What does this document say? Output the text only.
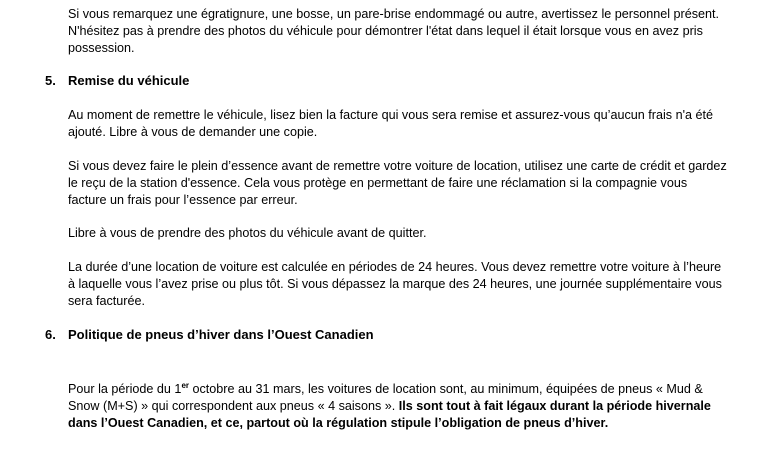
Si vous remarquez une égratignure, une bosse, un pare-brise endommagé ou autre, avertissez le personnel présent. N'hésitez pas à prendre des photos du véhicule pour démontrer l'état dans lequel il était lorsque vous en avez pris possession.

5. Remise du véhicule

Au moment de remettre le véhicule, lisez bien la facture qui vous sera remise et assurez-vous qu’aucun frais n'a été ajouté. Libre à vous de demander une copie.

Si vous devez faire le plein d’essence avant de remettre votre voiture de location, utilisez une carte de crédit et gardez le reçu de la station d'essence. Cela vous protège en permettant de faire une réclamation si la compagnie vous facture un frais pour l’essence par erreur.

Libre à vous de prendre des photos du véhicule avant de quitter.

La durée d’une location de voiture est calculée en périodes de 24 heures. Vous devez remettre votre voiture à l’heure à laquelle vous l’avez prise ou plus tôt. Si vous dépassez la marque des 24 heures, une journée supplémentaire vous sera facturée.

6. Politique de pneus d’hiver dans l’Ouest Canadien

Pour la période du 1er octobre au 31 mars, les voitures de location sont, au minimum, équipées de pneus « Mud & Snow (M+S) » qui correspondent aux pneus « 4 saisons ». Ils sont tout à fait légaux durant la période hivernale dans l’Ouest Canadien, et ce, partout où la régulation stipule l’obligation de pneus d’hiver.
